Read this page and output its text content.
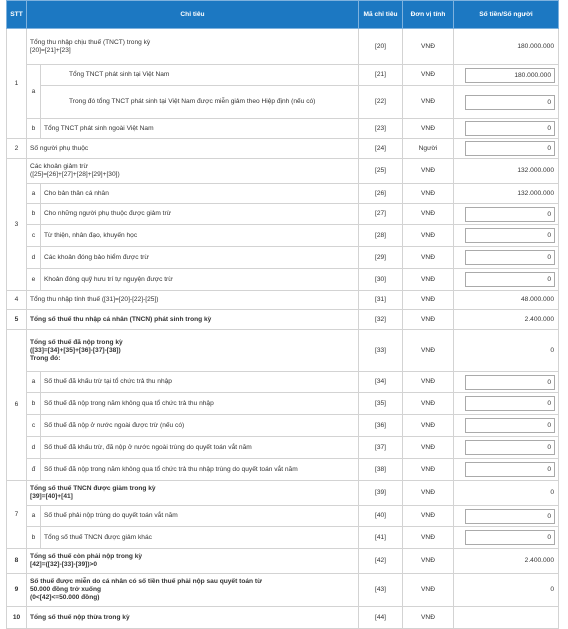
STT	Chỉ tiêu		Mã chỉ tiêu	Đơn vị tính	Số tiền/Số người
1	Tổng thu nhập chịu thuế (TNCT) trong kỳ
[20]=[21]+[23]		[20]	VNĐ	180.000.000
	a	Tổng TNCT phát sinh tại Việt Nam	[21]	VNĐ	180.000.000

		Trong đó tổng TNCT phát sinh tại Việt Nam được miễn giảm theo Hiệp định (nếu có)	[22]	VNĐ	0

	b	Tổng TNCT phát sinh ngoài Việt Nam	[23]	VNĐ	0

2	Số người phụ thuộc		[24]	Người	0

3	Các khoản giảm trừ
([25]=[26]+[27]+[28]+[29]+[30])		[25]	VNĐ	132.000.000
	a	Cho bản thân cá nhân	[26]	VNĐ	132.000.000
	b	Cho những người phụ thuộc được giảm trừ	[27]	VNĐ	0

	c	Từ thiện, nhân đạo, khuyến học	[28]	VNĐ	0

	d	Các khoản đóng bảo hiểm được trừ	[29]	VNĐ	0

	e	Khoản đóng quỹ hưu trí tự nguyện được trừ	[30]	VNĐ	0

4	Tổng thu nhập tính thuế ([31]=[20]-[22]-[25])		[31]	VNĐ	48.000.000
5	Tổng số thuế thu nhập cá nhân (TNCN) phát sinh trong kỳ		[32]	VNĐ	2.400.000
6	Tổng số thuế đã nộp trong kỳ
([33]=[34]+[35]+[36]-[37]-[38])
Trong đó:		[33]	VNĐ	0
	a	Số thuế đã khấu trừ tại tổ chức trả thu nhập	[34]	VNĐ	0

	b	Số thuế đã nộp trong năm không qua tổ chức trả thu nhập	[35]	VNĐ	0

	c	Số thuế đã nộp ở nước ngoài được trừ (nếu có)	[36]	VNĐ	0

	d	Số thuế đã khấu trừ, đã nộp ở nước ngoài trùng do quyết toán vắt năm	[37]	VNĐ	0

	đ	Số thuế đã nộp trong năm không qua tổ chức trả thu nhập trùng do quyết toán vắt năm	[38]	VNĐ	0

7	Tổng số thuế TNCN được giảm trong kỳ
[39]=[40]+[41]		[39]	VNĐ	0
	a	Số thuế phải nộp trùng do quyết toán vắt năm	[40]	VNĐ	0

	b	Tổng số thuế TNCN được giảm khác	[41]	VNĐ	0

8	Tổng số thuế còn phải nộp trong kỳ
[42]=([32]-[33]-[39])>0		[42]	VNĐ	2.400.000
9	Số thuế được miễn do cá nhân có số tiền thuế phải nộp sau quyết toán từ 50.000 đồng trở xuống
(0<[42]<=50.000 đồng)		[43]	VNĐ	0
10	Tổng số thuế nộp thừa trong kỳ		[44]	VNĐ	
